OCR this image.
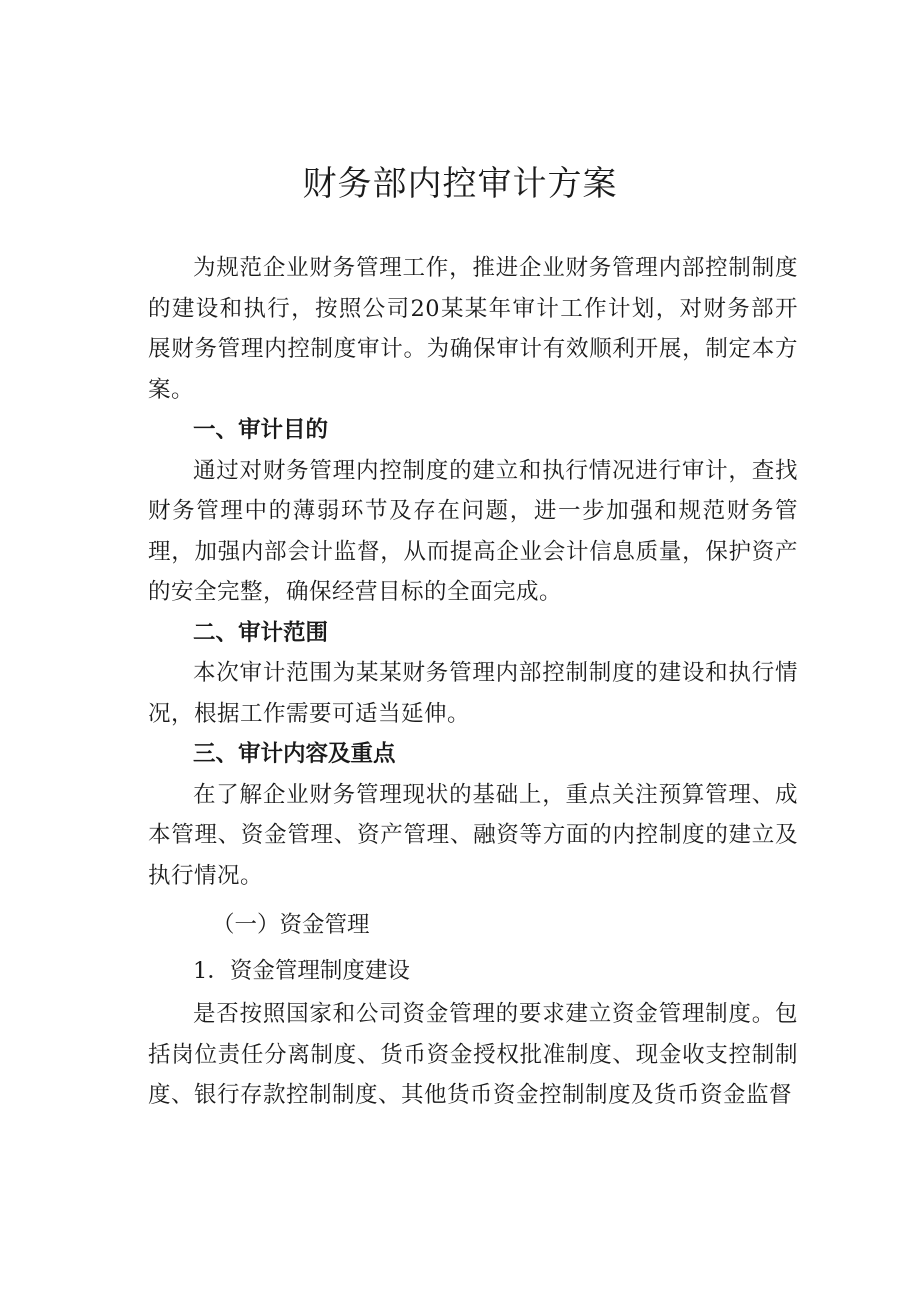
财务部内控审计方案

为规范企业财务管理工作，推进企业财务管理内部控制制度的建设和执行，按照公司20某某年审计工作计划，对财务部开展财务管理内控制度审计。为确保审计有效顺利开展，制定本方案。

一、审计目的

通过对财务管理内控制度的建立和执行情况进行审计，查找财务管理中的薄弱环节及存在问题，进一步加强和规范财务管理，加强内部会计监督，从而提高企业会计信息质量，保护资产的安全完整，确保经营目标的全面完成。

二、审计范围

本次审计范围为某某财务管理内部控制制度的建设和执行情况，根据工作需要可适当延伸。

三、审计内容及重点

在了解企业财务管理现状的基础上，重点关注预算管理、成本管理、资金管理、资产管理、融资等方面的内控制度的建立及执行情况。

（一）资金管理

1．资金管理制度建设

是否按照国家和公司资金管理的要求建立资金管理制度。包括岗位责任分离制度、货币资金授权批准制度、现金收支控制制度、银行存款控制制度、其他货币资金控制制度及货币资金监督
